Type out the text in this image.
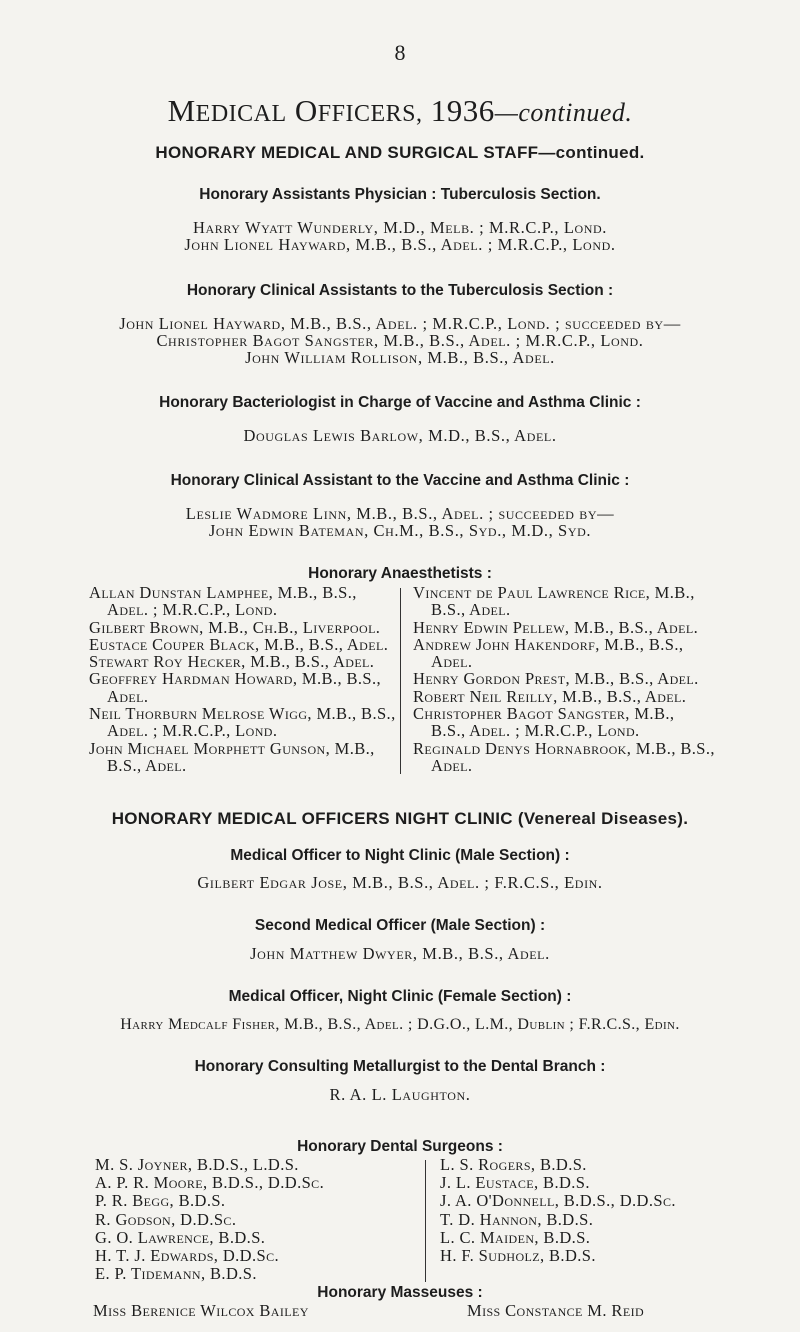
8
MEDICAL OFFICERS, 1936—continued.
HONORARY MEDICAL AND SURGICAL STAFF—continued.
Honorary Assistants Physician : Tuberculosis Section.
Harry Wyatt Wunderly, M.D., Melb. ; M.R.C.P., Lond.
John Lionel Hayward, M.B., B.S., Adel. ; M.R.C.P., Lond.
Honorary Clinical Assistants to the Tuberculosis Section :
John Lionel Hayward, M.B., B.S., Adel. ; M.R.C.P., Lond. ; succeeded by—
Christopher Bagot Sangster, M.B., B.S., Adel. ; M.R.C.P., Lond.
John William Rollison, M.B., B.S., Adel.
Honorary Bacteriologist in Charge of Vaccine and Asthma Clinic :
Douglas Lewis Barlow, M.D., B.S., Adel.
Honorary Clinical Assistant to the Vaccine and Asthma Clinic :
Leslie Wadmore Linn, M.B., B.S., Adel. ; succeeded by—
John Edwin Bateman, Ch.M., B.S., Syd., M.D., Syd.
Honorary Anaesthetists :
Allan Dunstan Lamphee, M.B., B.S.,
Adel. ; M.R.C.P., Lond.
Gilbert Brown, M.B., Ch.B., Liverpool.
Eustace Couper Black, M.B., B.S., Adel.
Stewart Roy Hecker, M.B., B.S., Adel.
Geoffrey Hardman Howard, M.B., B.S.,
Adel.
Neil Thorburn Melrose Wigg, M.B., B.S.,
Adel. ; M.R.C.P., Lond.
John Michael Morphett Gunson, M.B.,
B.S., Adel.
Vincent de Paul Lawrence Rice, M.B.,
B.S., Adel.
Henry Edwin Pellew, M.B., B.S., Adel.
Andrew John Hakendorf, M.B., B.S.,
Adel.
Henry Gordon Prest, M.B., B.S., Adel.
Robert Neil Reilly, M.B., B.S., Adel.
Christopher Bagot Sangster, M.B.,
B.S., Adel. ; M.R.C.P., Lond.
Reginald Denys Hornabrook, M.B., B.S.,
Adel.
HONORARY MEDICAL OFFICERS NIGHT CLINIC (Venereal Diseases).
Medical Officer to Night Clinic (Male Section) :
Gilbert Edgar Jose, M.B., B.S., Adel. ; F.R.C.S., Edin.
Second Medical Officer (Male Section) :
John Matthew Dwyer, M.B., B.S., Adel.
Medical Officer, Night Clinic (Female Section) :
Harry Medcalf Fisher, M.B., B.S., Adel. ; D.G.O., L.M., Dublin ; F.R.C.S., Edin.
Honorary Consulting Metallurgist to the Dental Branch :
R. A. L. Laughton.
Honorary Dental Surgeons :
M. S. Joyner, B.D.S., L.D.S.
A. P. R. Moore, B.D.S., D.D.Sc.
P. R. Begg, B.D.S.
R. Godson, D.D.Sc.
G. O. Lawrence, B.D.S.
H. T. J. Edwards, D.D.Sc.
E. P. Tidemann, B.D.S.
L. S. Rogers, B.D.S.
J. L. Eustace, B.D.S.
J. A. O'Donnell, B.D.S., D.D.Sc.
T. D. Hannon, B.D.S.
L. C. Maiden, B.D.S.
H. F. Sudholz, B.D.S.
Honorary Masseuses :
Miss Berenice Wilcox Bailey	Miss Constance M. Reid
